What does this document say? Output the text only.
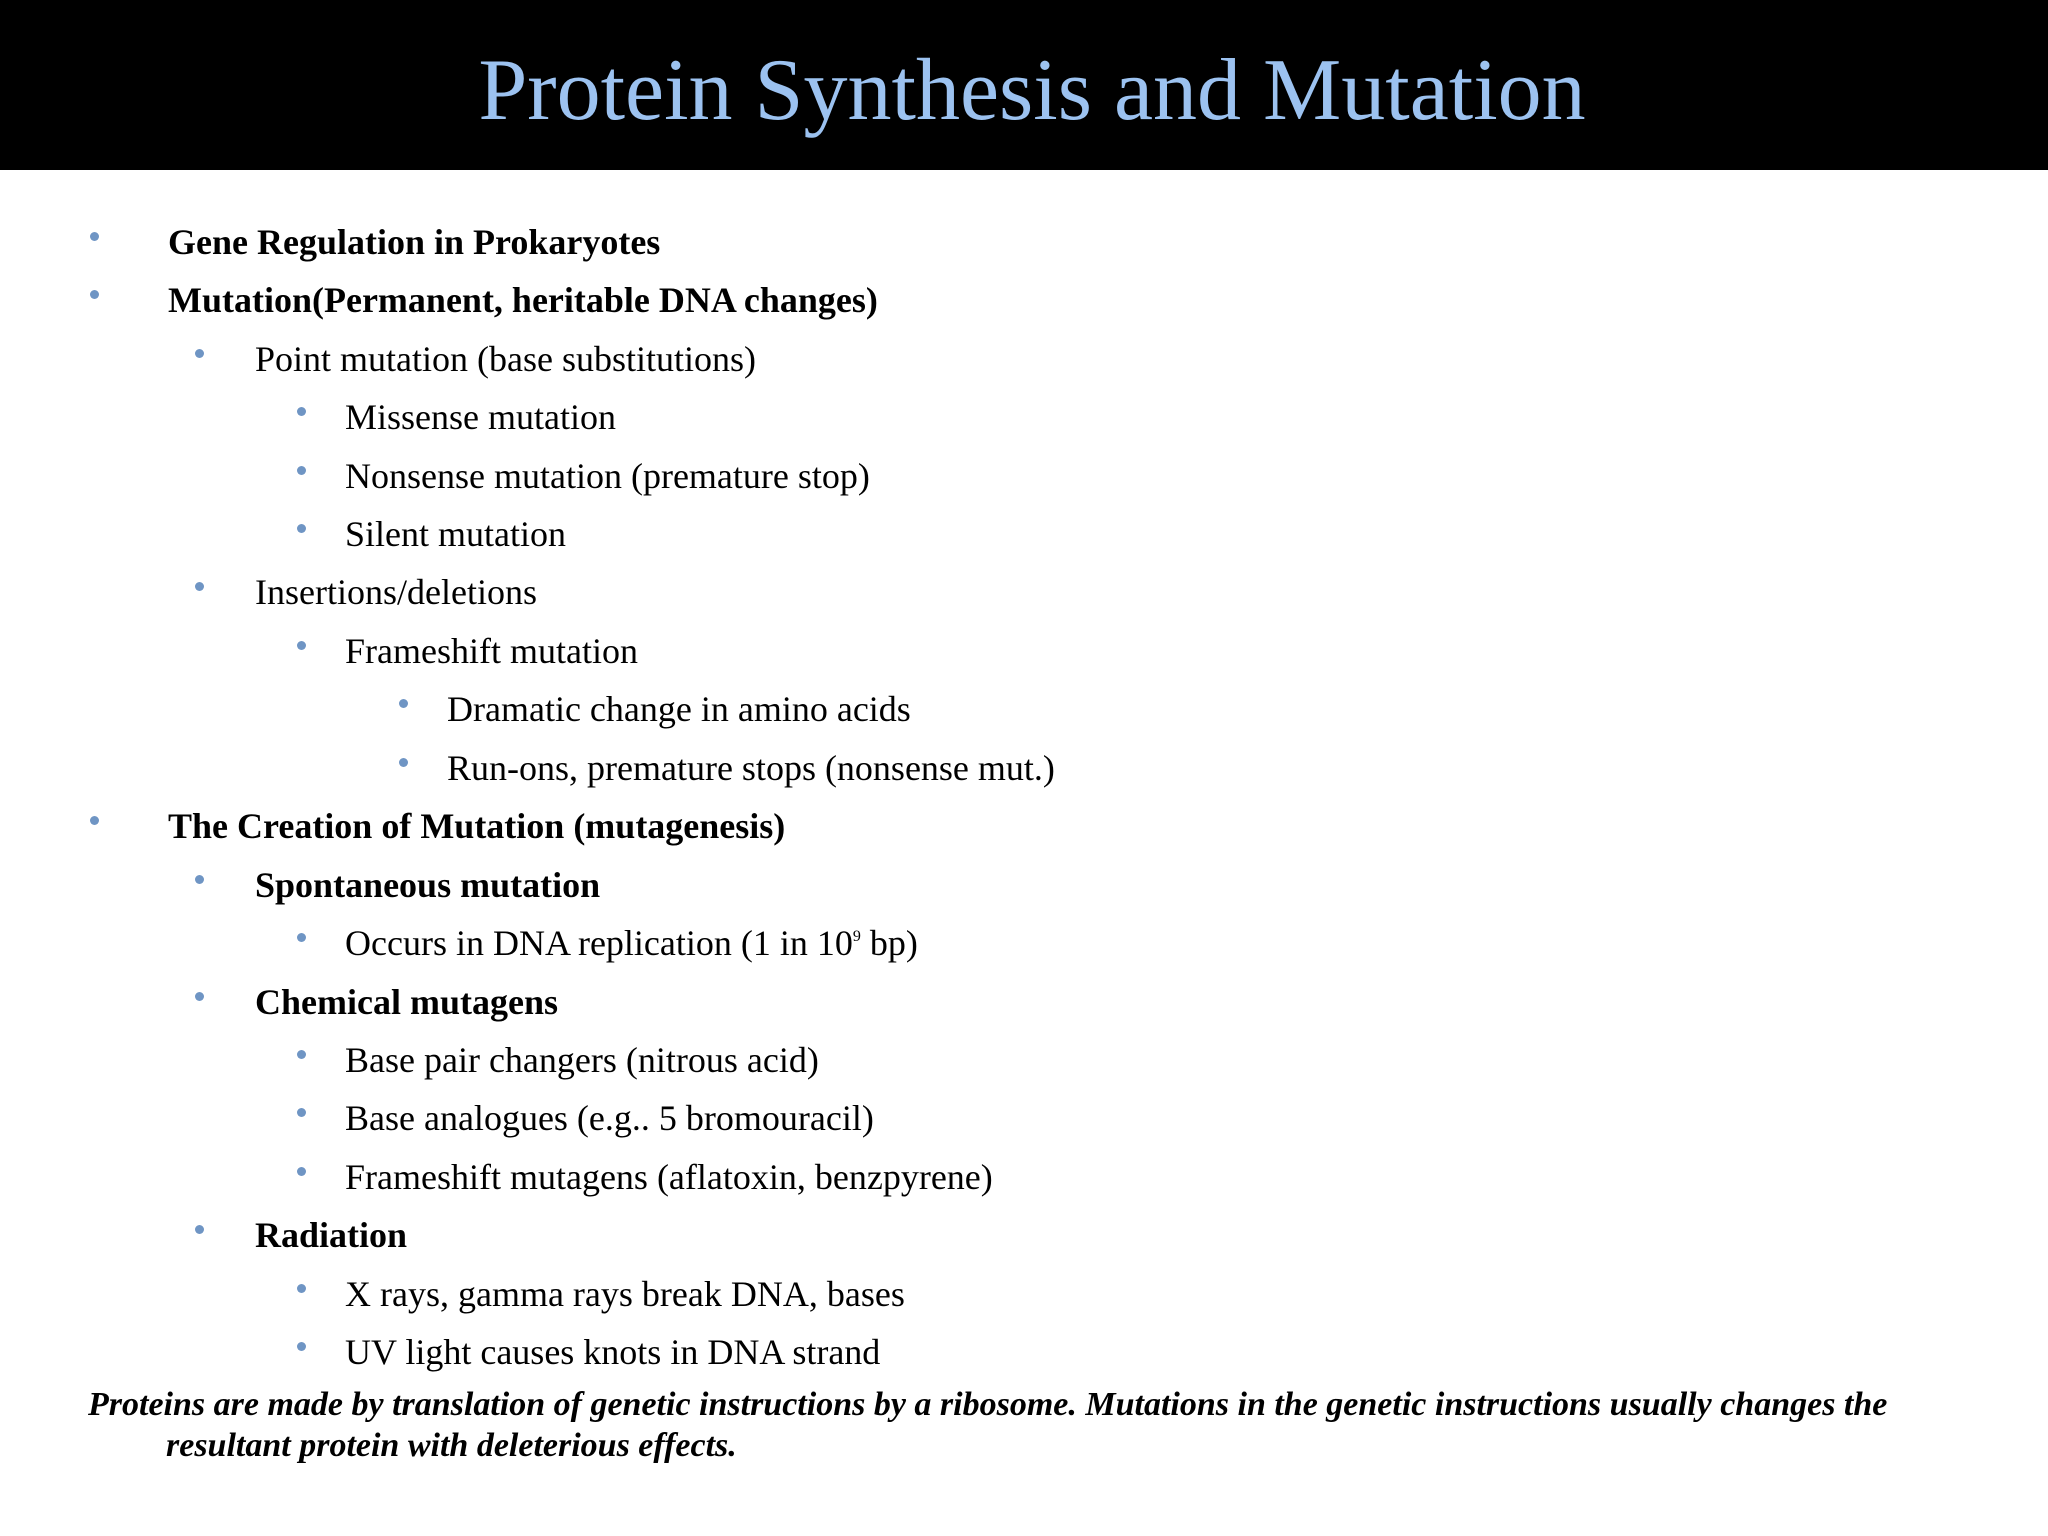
Protein Synthesis and Mutation
Gene Regulation in Prokaryotes
Mutation(Permanent, heritable DNA changes)
Point mutation (base substitutions)
Missense mutation
Nonsense mutation (premature stop)
Silent mutation
Insertions/deletions
Frameshift mutation
Dramatic change in amino acids
Run-ons, premature stops (nonsense mut.)
The Creation of Mutation (mutagenesis)
Spontaneous mutation
Occurs in DNA replication (1 in $10^9$ bp)
Chemical mutagens
Base pair changers (nitrous acid)
Base analogues (e.g.. 5 bromouracil)
Frameshift mutagens (aflatoxin, benzpyrene)
Radiation
X rays, gamma rays break DNA, bases
UV light causes knots in DNA strand
Proteins are made by translation of genetic instructions by a ribosome. Mutations in the genetic instructions usually changes the resultant protein with deleterious effects.
